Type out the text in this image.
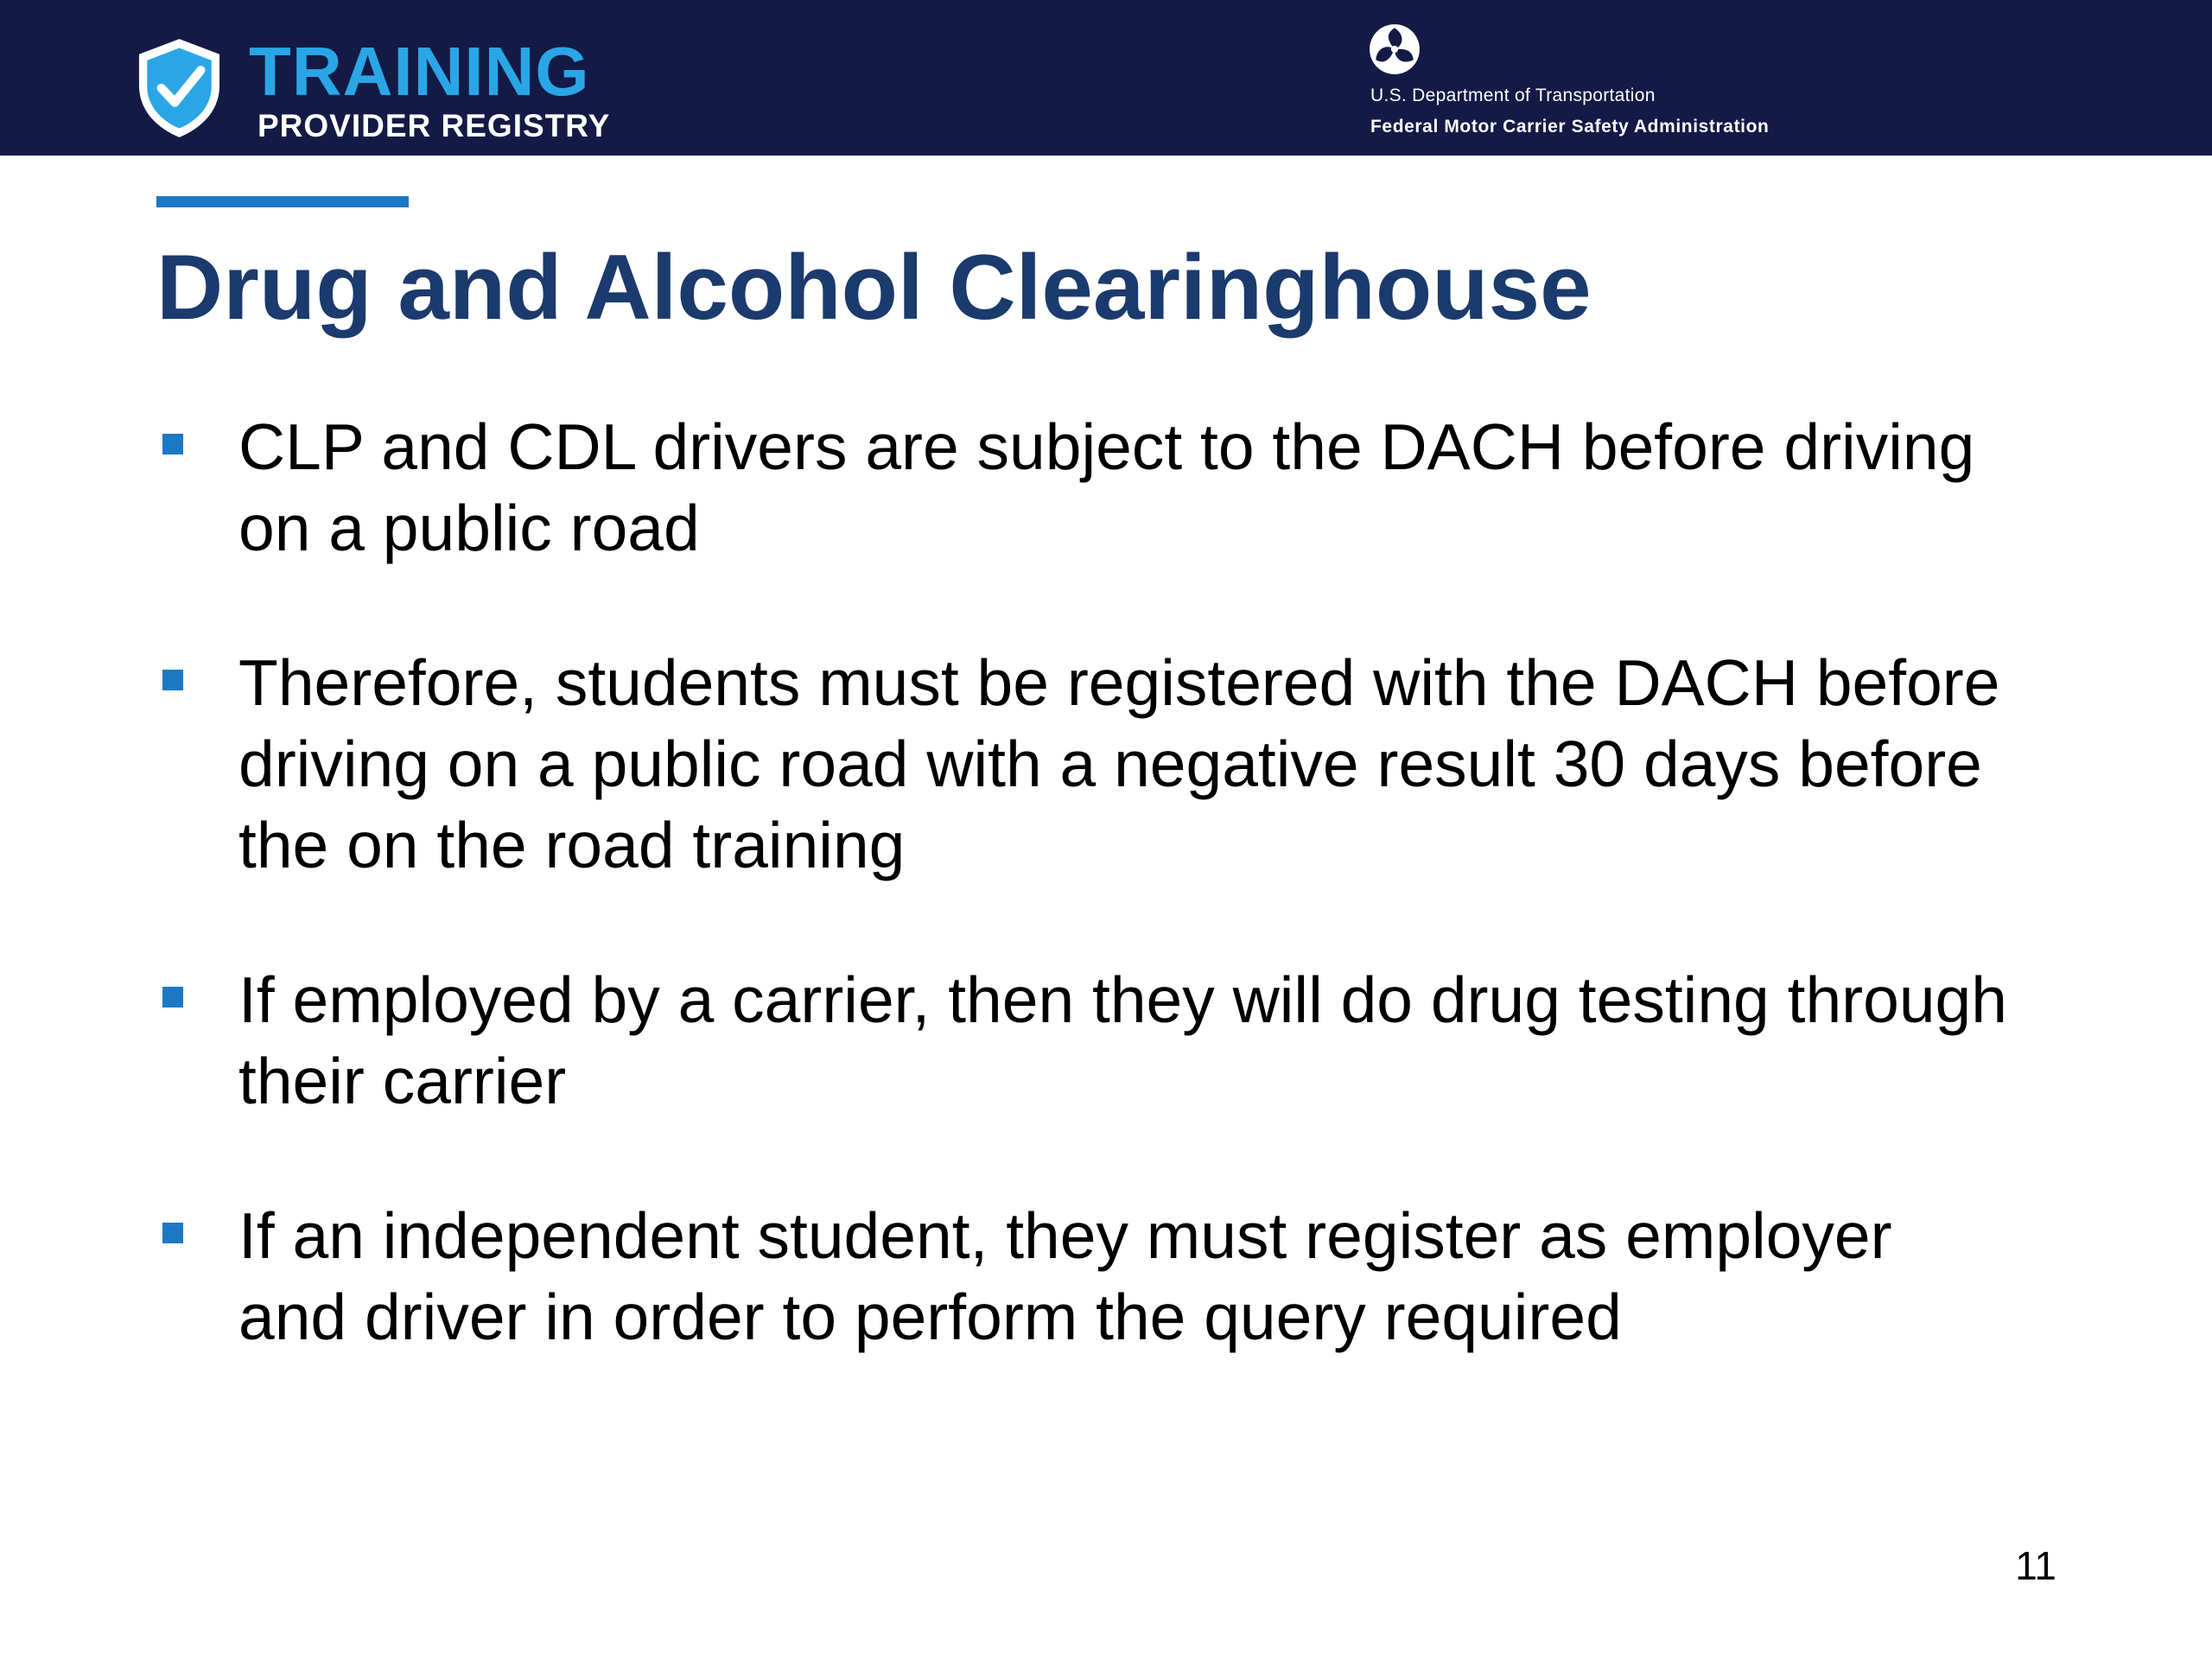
TRAINING
PROVIDER REGISTRY
U.S. Department of Transportation
Federal Motor Carrier Safety Administration
Drug and Alcohol Clearinghouse
CLP and CDL drivers are subject to the DACH before driving on a public road
Therefore, students must be registered with the DACH before driving on a public road with a negative result 30 days before the on the road training
If employed by a carrier, then they will do drug testing through their carrier
If an independent student, they must register as employer and driver in order to perform the query required
11
